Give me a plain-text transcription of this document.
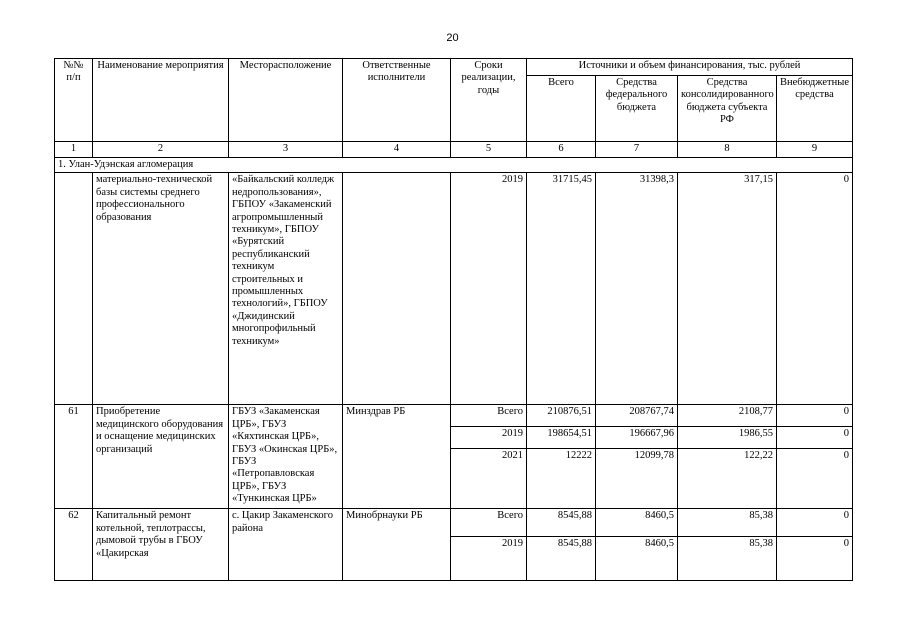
20
№№ п/п	Наименование мероприятия	Месторасположение	Ответственные исполнители	Сроки реализации, годы	Источники и объем финансирования, тыс. рублей			
					Всего	Средства федерального бюджета	Средства консолидированного бюджета субъекта РФ	Внебюджетные средства
1	2	3	4	5	6	7	8	9
1. Улан-Удэнская агломерация								
	материально-технической базы системы среднего профессионального образования	«Байкальский колледж недропользования», ГБПОУ «Закаменский агропромышленный техникум», ГБПОУ «Бурятский республиканский техникум строительных и промышленных технологий», ГБПОУ «Джидинский многопрофильный техникум»		2019	31715,45	31398,3	317,15	0
61	Приобретение медицинского оборудования и оснащение медицинских организаций	ГБУЗ «Закаменская ЦРБ», ГБУЗ «Кяхтинская ЦРБ», ГБУЗ «Окинская ЦРБ», ГБУЗ «Петропавловская ЦРБ», ГБУЗ «Тункинская ЦРБ»	Минздрав РБ	Всего	210876,51	208767,74	2108,77	0
				2019	198654,51	196667,96	1986,55	0
				2021	12222	12099,78	122,22	0
62	Капитальный ремонт котельной, теплотрассы, дымовой трубы в ГБОУ «Цакирская	с. Цакир Закаменского района	Минобрнауки РБ	Всего	8545,88	8460,5	85,38	0
				2019	8545,88	8460,5	85,38	0
